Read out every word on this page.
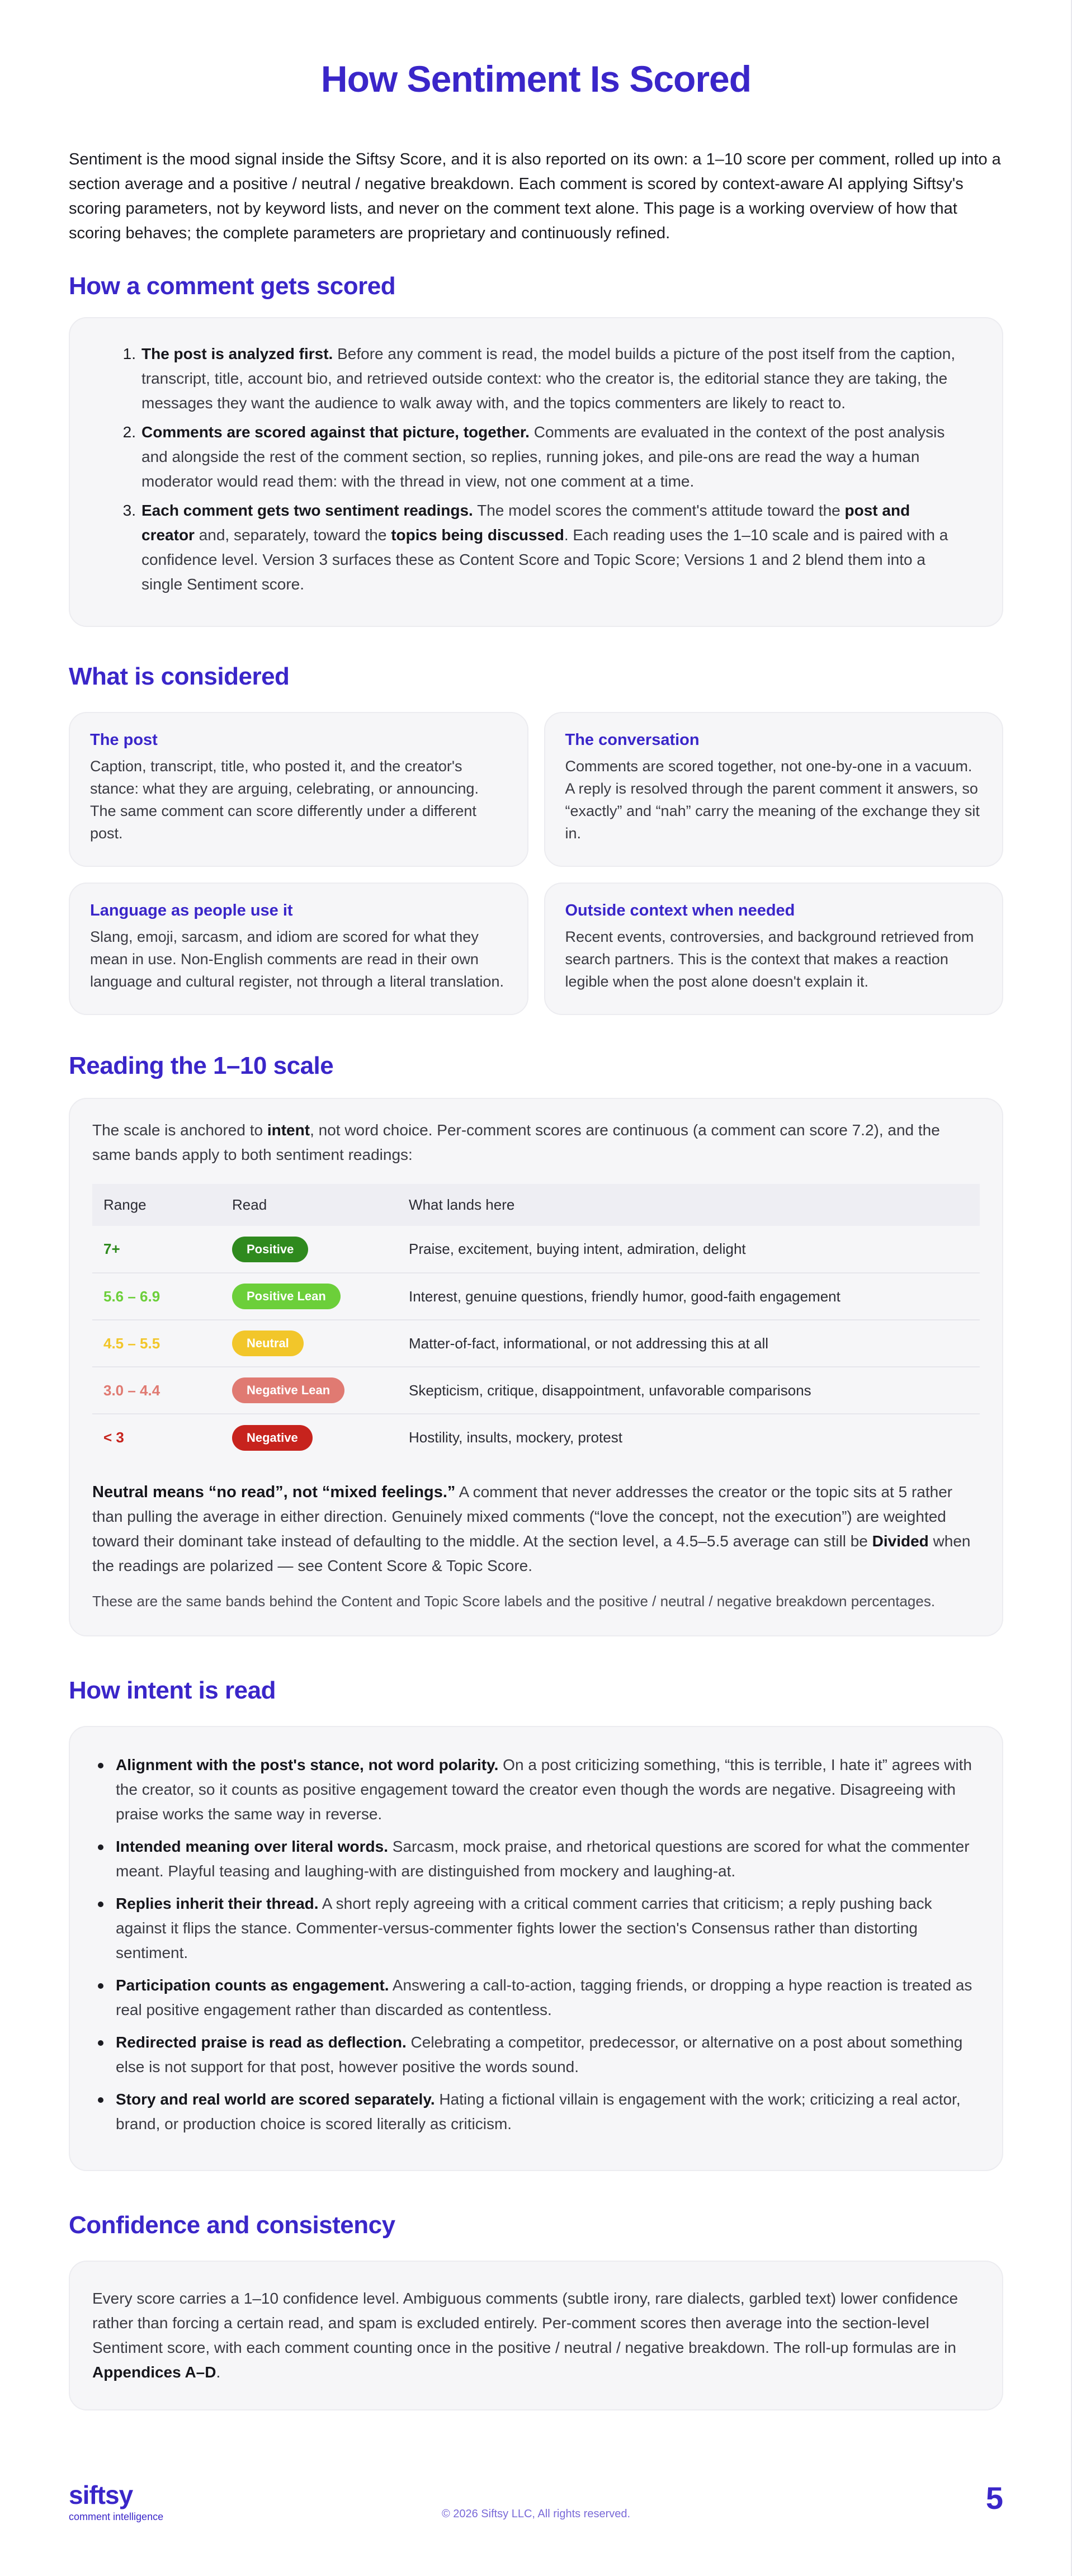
How Sentiment Is Scored

Sentiment is the mood signal inside the Siftsy Score, and it is also reported on its own: a 1–10 score per comment, rolled up into a section average and a positive / neutral / negative breakdown. Each comment is scored by context-aware AI applying Siftsy's scoring parameters, not by keyword lists, and never on the comment text alone. This page is a working overview of how that scoring behaves; the complete parameters are proprietary and continuously refined.

How a comment gets scored
1. The post is analyzed first. Before any comment is read, the model builds a picture of the post itself from the caption, transcript, title, account bio, and retrieved outside context: who the creator is, the editorial stance they are taking, the messages they want the audience to walk away with, and the topics commenters are likely to react to.
2. Comments are scored against that picture, together. Comments are evaluated in the context of the post analysis and alongside the rest of the comment section, so replies, running jokes, and pile-ons are read the way a human moderator would read them: with the thread in view, not one comment at a time.
3. Each comment gets two sentiment readings. The model scores the comment's attitude toward the post and creator and, separately, toward the topics being discussed. Each reading uses the 1–10 scale and is paired with a confidence level. Version 3 surfaces these as Content Score and Topic Score; Versions 1 and 2 blend them into a single Sentiment score.
What is considered
The post

Caption, transcript, title, who posted it, and the creator's stance: what they are arguing, celebrating, or announcing. The same comment can score differently under a different post.

The conversation

Comments are scored together, not one-by-one in a vacuum. A reply is resolved through the parent comment it answers, so “exactly” and “nah” carry the meaning of the exchange they sit in.

Language as people use it

Slang, emoji, sarcasm, and idiom are scored for what they mean in use. Non-English comments are read in their own language and cultural register, not through a literal translation.

Outside context when needed

Recent events, controversies, and background retrieved from search partners. This is the context that makes a reaction legible when the post alone doesn't explain it.

Reading the 1–10 scale

The scale is anchored to intent, not word choice. Per-comment scores are continuous (a comment can score 7.2), and the same bands apply to both sentiment readings:

Range	Read	What lands here
7+	Positive	Praise, excitement, buying intent, admiration, delight
5.6 – 6.9	Positive Lean	Interest, genuine questions, friendly humor, good-faith engagement
4.5 – 5.5	Neutral	Matter-of-fact, informational, or not addressing this at all
3.0 – 4.4	Negative Lean	Skepticism, critique, disappointment, unfavorable comparisons
< 3	Negative	Hostility, insults, mockery, protest

Neutral means “no read”, not “mixed feelings.” A comment that never addresses the creator or the topic sits at 5 rather than pulling the average in either direction. Genuinely mixed comments (“love the concept, not the execution”) are weighted toward their dominant take instead of defaulting to the middle. At the section level, a 4.5–5.5 average can still be Divided when the readings are polarized — see Content Score & Topic Score.

These are the same bands behind the Content and Topic Score labels and the positive / neutral / negative breakdown percentages.

How intent is read
Alignment with the post's stance, not word polarity. On a post criticizing something, “this is terrible, I hate it” agrees with the creator, so it counts as positive engagement toward the creator even though the words are negative. Disagreeing with praise works the same way in reverse.
Intended meaning over literal words. Sarcasm, mock praise, and rhetorical questions are scored for what the commenter meant. Playful teasing and laughing-with are distinguished from mockery and laughing-at.
Replies inherit their thread. A short reply agreeing with a critical comment carries that criticism; a reply pushing back against it flips the stance. Commenter-versus-commenter fights lower the section's Consensus rather than distorting sentiment.
Participation counts as engagement. Answering a call-to-action, tagging friends, or dropping a hype reaction is treated as real positive engagement rather than discarded as contentless.
Redirected praise is read as deflection. Celebrating a competitor, predecessor, or alternative on a post about something else is not support for that post, however positive the words sound.
Story and real world are scored separately. Hating a fictional villain is engagement with the work; criticizing a real actor, brand, or production choice is scored literally as criticism.
Confidence and consistency

Every score carries a 1–10 confidence level. Ambiguous comments (subtle irony, rare dialects, garbled text) lower confidence rather than forcing a certain read, and spam is excluded entirely. Per-comment scores then average into the section-level Sentiment score, with each comment counting once in the positive / neutral / negative breakdown. The roll-up formulas are in Appendices A–D.

siftsy
comment intelligence	© 2026 Siftsy LLC, All rights reserved.	5
